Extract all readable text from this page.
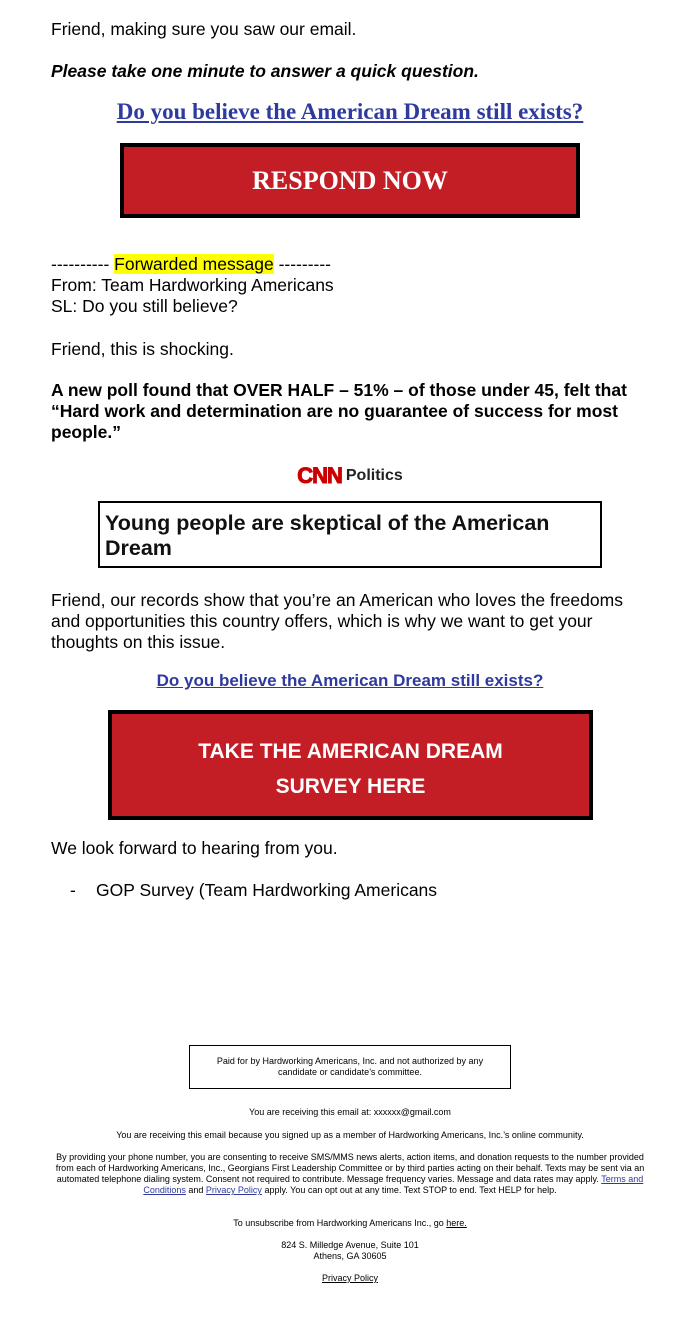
Friend, making sure you saw our email.
Please take one minute to answer a quick question.
Do you believe the American Dream still exists?
RESPOND NOW
---------- Forwarded message ---------
From: Team Hardworking Americans
SL: Do you still believe?
Friend, this is shocking.
A new poll found that OVER HALF – 51% – of those under 45, felt that “Hard work and determination are no guarantee of success for most people.”
CNN Politics
Young people are skeptical of the American Dream
Friend, our records show that you’re an American who loves the freedoms and opportunities this country offers, which is why we want to get your thoughts on this issue.
Do you believe the American Dream still exists?
TAKE THE AMERICAN DREAM
SURVEY HERE
We look forward to hearing from you.
- GOP Survey (Team Hardworking Americans
Paid for by Hardworking Americans, Inc. and not authorized by any candidate or candidate’s committee.
You are receiving this email at: xxxxxx@gmail.com
You are receiving this email because you signed up as a member of Hardworking Americans, Inc.’s online community.
By providing your phone number, you are consenting to receive SMS/MMS news alerts, action items, and donation requests to the number provided from each of Hardworking Americans, Inc., Georgians First Leadership Committee or by third parties acting on their behalf. Texts may be sent via an automated telephone dialing system. Consent not required to contribute. Message frequency varies. Message and data rates may apply. Terms and Conditions and Privacy Policy apply. You can opt out at any time. Text STOP to end. Text HELP for help.
To unsubscribe from Hardworking Americans Inc., go here.
824 S. Milledge Avenue, Suite 101
Athens, GA 30605
Privacy Policy
